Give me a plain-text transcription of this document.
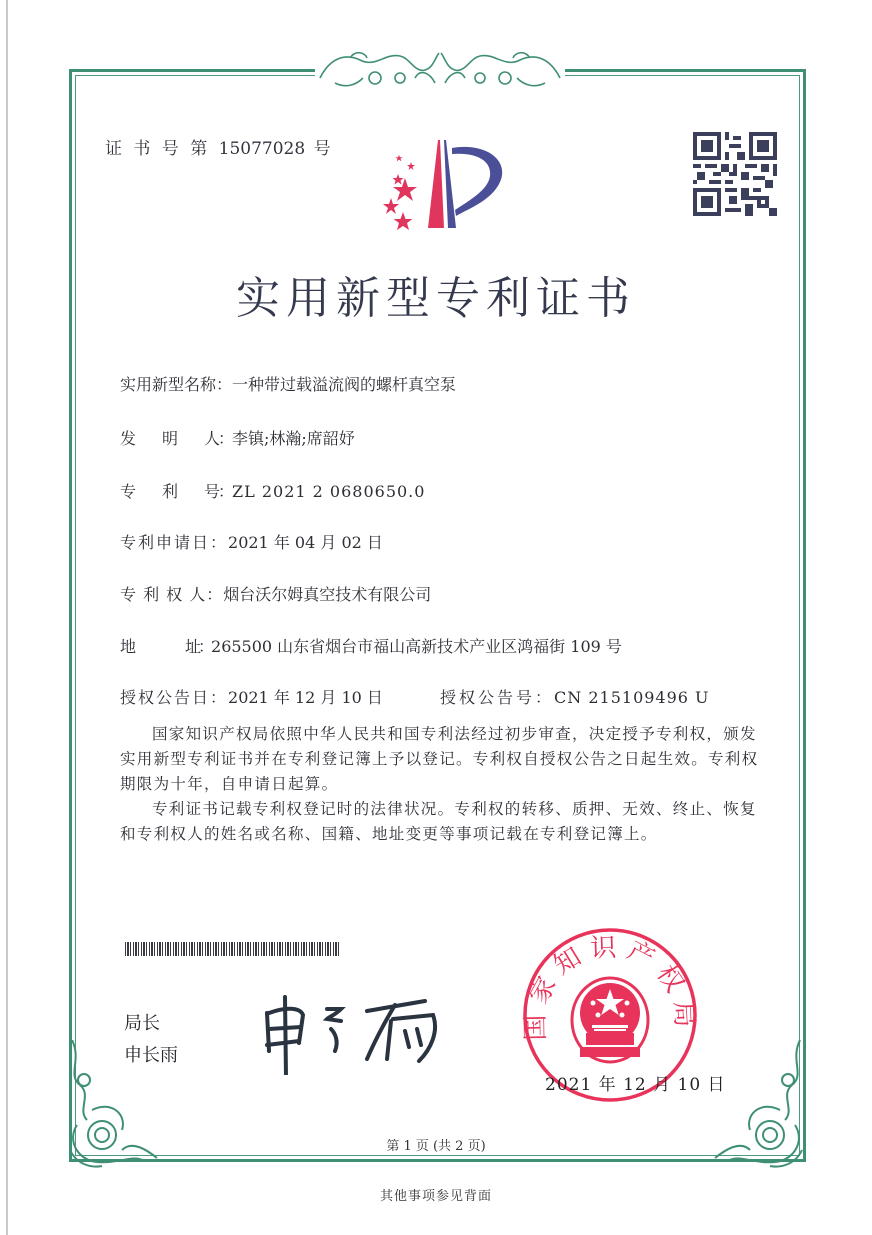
证 书 号 第 15077028 号
实用新型专利证书
实用新型名称：一种带过载溢流阀的螺杆真空泵
发　　明　　人：李镇;林瀚;席韶妤
专　　利　　号：ZL 2021 2 0680650.0
专利申请日：2021 年 04 月 02 日
专 利 权 人：烟台沃尔姆真空技术有限公司
地　　　　址：265500 山东省烟台市福山高新技术产业区鸿福街 109 号
授权公告日：2021 年 12 月 10 日	授权公告号：CN 215109496 U
国家知识产权局依照中华人民共和国专利法经过初步审查，决定授予专利权，颁发实用新型专利证书并在专利登记簿上予以登记。专利权自授权公告之日起生效。专利权期限为十年，自申请日起算。
专利证书记载专利权登记时的法律状况。专利权的转移、质押、无效、终止、恢复和专利权人的姓名或名称、国籍、地址变更等事项记载在专利登记簿上。
局长
申长雨
国家知识产权局
2021 年 12 月 10 日
第 1 页 (共 2 页)
其他事项参见背面
